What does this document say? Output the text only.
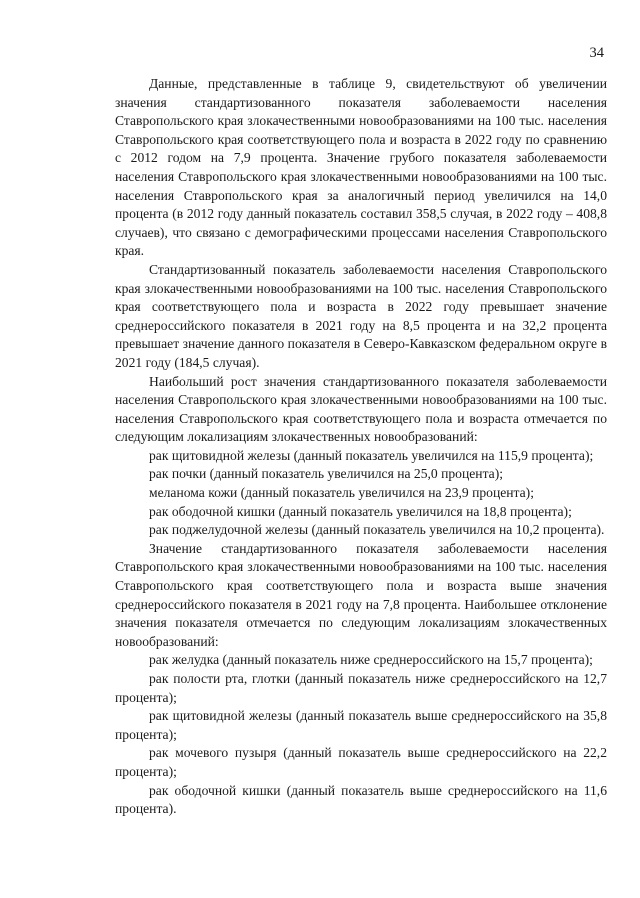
34

Данные, представленные в таблице 9, свидетельствуют об увеличении значения стандартизованного показателя заболеваемости населения Ставропольского края злокачественными новообразованиями на 100 тыс. населения Ставропольского края соответствующего пола и возраста в 2022 году по сравнению с 2012 годом на 7,9 процента. Значение грубого показателя заболеваемости населения Ставропольского края злокачественными новообразованиями на 100 тыс. населения Ставропольского края за аналогичный период увеличился на 14,0 процента (в 2012 году данный показатель составил 358,5 случая, в 2022 году – 408,8 случаев), что связано с демографическими процессами населения Ставропольского края.

Стандартизованный показатель заболеваемости населения Ставропольского края злокачественными новообразованиями на 100 тыс. населения Ставропольского края соответствующего пола и возраста в 2022 году превышает значение среднероссийского показателя в 2021 году на 8,5 процента и на 32,2 процента превышает значение данного показателя в Северо-Кавказском федеральном округе в 2021 году (184,5 случая).

Наибольший рост значения стандартизованного показателя заболеваемости населения Ставропольского края злокачественными новообразованиями на 100 тыс. населения Ставропольского края соответствующего пола и возраста отмечается по следующим локализациям злокачественных новообразований:

рак щитовидной железы (данный показатель увеличился на 115,9 процента);

рак почки (данный показатель увеличился на 25,0 процента);

меланома кожи (данный показатель увеличился на 23,9 процента);

рак ободочной кишки (данный показатель увеличился на 18,8 процента);

рак поджелудочной железы (данный показатель увеличился на 10,2 процента).

Значение стандартизованного показателя заболеваемости населения Ставропольского края злокачественными новообразованиями на 100 тыс. населения Ставропольского края соответствующего пола и возраста выше значения среднероссийского показателя в 2021 году на 7,8 процента. Наибольшее отклонение значения показателя отмечается по следующим локализациям злокачественных новообразований:

рак желудка (данный показатель ниже среднероссийского на 15,7 процента);

рак полости рта, глотки (данный показатель ниже среднероссийского на 12,7 процента);

рак щитовидной железы (данный показатель выше среднероссийского на 35,8 процента);

рак мочевого пузыря (данный показатель выше среднероссийского на 22,2 процента);

рак ободочной кишки (данный показатель выше среднероссийского на 11,6 процента).
